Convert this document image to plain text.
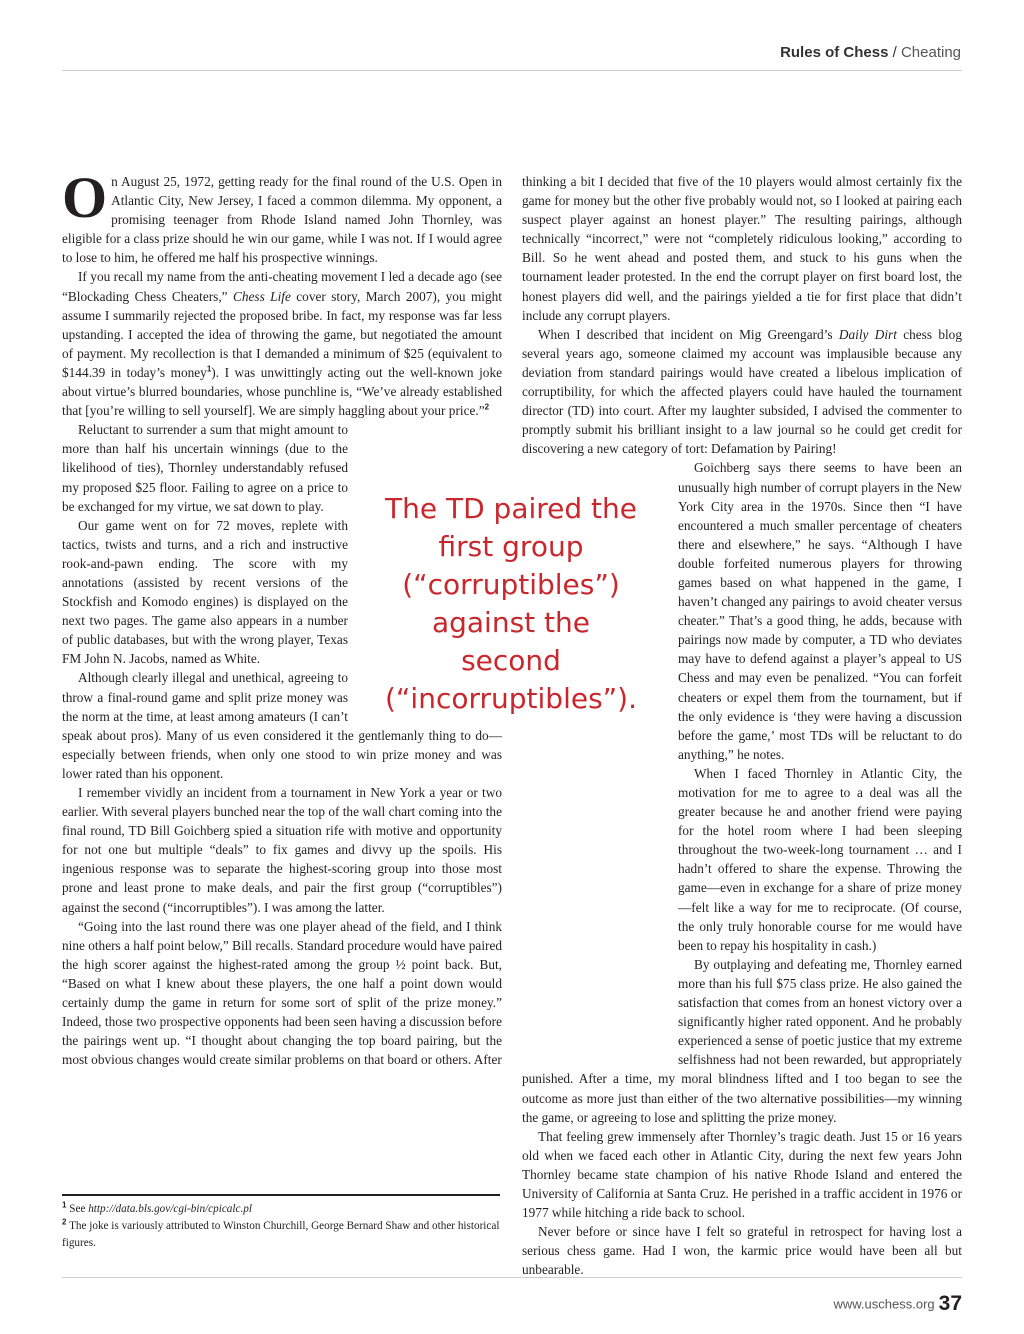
Rules of Chess / Cheating

On August 25, 1972, getting ready for the final round of the U.S. Open in Atlantic City, New Jersey, I faced a common dilemma. My opponent, a promising teenager from Rhode Island named John Thornley, was eligible for a class prize should he win our game, while I was not. If I would agree to lose to him, he offered me half his prospective winnings.

If you recall my name from the anti-cheating movement I led a decade ago (see “Blockading Chess Cheaters,” Chess Life cover story, March 2007), you might assume I summarily rejected the proposed bribe. In fact, my response was far less upstanding. I accepted the idea of throwing the game, but negotiated the amount of payment. My recollection is that I demanded a minimum of $25 (equivalent to $144.39 in today’s money$^1$). I was unwittingly acting out the well-known joke about virtue’s blurred boundaries, whose punchline is, “We’ve already established that [you’re willing to sell yourself]. We are simply haggling about your price.”$^2$

Reluctant to surrender a sum that might amount to more than half his uncertain winnings (due to the likelihood of ties), Thornley understandably refused my proposed $25 floor. Failing to agree on a price to be exchanged for my virtue, we sat down to play.

Our game went on for 72 moves, replete with tactics, twists and turns, and a rich and instructive rook-and-pawn ending. The score with my annotations (assisted by recent versions of the Stockfish and Komodo engines) is displayed on the next two pages. The game also appears in a number of public databases, but with the wrong player, Texas FM John N. Jacobs, named as White.

Although clearly illegal and unethical, agreeing to throw a final-round game and split prize money was the norm at the time, at least among amateurs (I can’t speak about pros). Many of us even considered it the gentlemanly thing to do—especially between friends, when only one stood to win prize money and was lower rated than his opponent.

I remember vividly an incident from a tournament in New York a year or two earlier. With several players bunched near the top of the wall chart coming into the final round, TD Bill Goichberg spied a situation rife with motive and opportunity for not one but multiple “deals” to fix games and divvy up the spoils. His ingenious response was to separate the highest-scoring group into those most prone and least prone to make deals, and pair the first group (“corruptibles”) against the second (“incorruptibles”). I was among the latter.

“Going into the last round there was one player ahead of the field, and I think nine others a half point below,” Bill recalls. Standard procedure would have paired the high scorer against the highest-rated among the group ½ point back. But, “Based on what I knew about these players, the one half a point down would certainly dump the game in return for some sort of split of the prize money.” Indeed, those two prospective opponents had been seen having a discussion before the pairings went up. “I thought about changing the top board pairing, but the most obvious changes would create similar problems on that board or others. After

thinking a bit I decided that five of the 10 players would almost certainly fix the game for money but the other five probably would not, so I looked at pairing each suspect player against an honest player.” The resulting pairings, although technically “incorrect,” were not “completely ridiculous looking,” according to Bill. So he went ahead and posted them, and stuck to his guns when the tournament leader protested. In the end the corrupt player on first board lost, the honest players did well, and the pairings yielded a tie for first place that didn’t include any corrupt players.

When I described that incident on Mig Greengard’s Daily Dirt chess blog several years ago, someone claimed my account was implausible because any deviation from standard pairings would have created a libelous implication of corruptibility, for which the affected players could have hauled the tournament director (TD) into court. After my laughter subsided, I advised the commenter to promptly submit his brilliant insight to a law journal so he could get credit for discovering a new category of tort: Defamation by Pairing!

Goichberg says there seems to have been an unusually high number of corrupt players in the New York City area in the 1970s. Since then “I have encountered a much smaller percentage of cheaters there and elsewhere,” he says. “Although I have double forfeited numerous players for throwing games based on what happened in the game, I haven’t changed any pairings to avoid cheater versus cheater.” That’s a good thing, he adds, because with pairings now made by computer, a TD who deviates may have to defend against a player’s appeal to US Chess and may even be penalized. “You can forfeit cheaters or expel them from the tournament, but if the only evidence is ‘they were having a discussion before the game,’ most TDs will be reluctant to do anything,” he notes.

When I faced Thornley in Atlantic City, the motivation for me to agree to a deal was all the greater because he and another friend were paying for the hotel room where I had been sleeping throughout the two-week-long tournament … and I hadn’t offered to share the expense. Throwing the game—even in exchange for a share of prize money—felt like a way for me to reciprocate. (Of course, the only truly honorable course for me would have been to repay his hospitality in cash.)

By outplaying and defeating me, Thornley earned more than his full $75 class prize. He also gained the satisfaction that comes from an honest victory over a significantly higher rated opponent. And he probably experienced a sense of poetic justice that my extreme selfishness had not been rewarded, but appropriately punished. After a time, my moral blindness lifted and I too began to see the outcome as more just than either of the two alternative possibilities—my winning the game, or agreeing to lose and splitting the prize money.

That feeling grew immensely after Thornley’s tragic death. Just 15 or 16 years old when we faced each other in Atlantic City, during the next few years John Thornley became state champion of his native Rhode Island and entered the University of California at Santa Cruz. He perished in a traffic accident in 1976 or 1977 while hitching a ride back to school.

Never before or since have I felt so grateful in retrospect for having lost a serious chess game. Had I won, the karmic price would have been all but unbearable.

The TD paired the
first group
(“corruptibles”)
against the
second
(“incorruptibles”).

$^1$ See http://data.bls.gov/cgi-bin/cpicalc.pl

$^2$ The joke is variously attributed to Winston Churchill, George Bernard Shaw and other historical figures.

www.uschess.org 37
